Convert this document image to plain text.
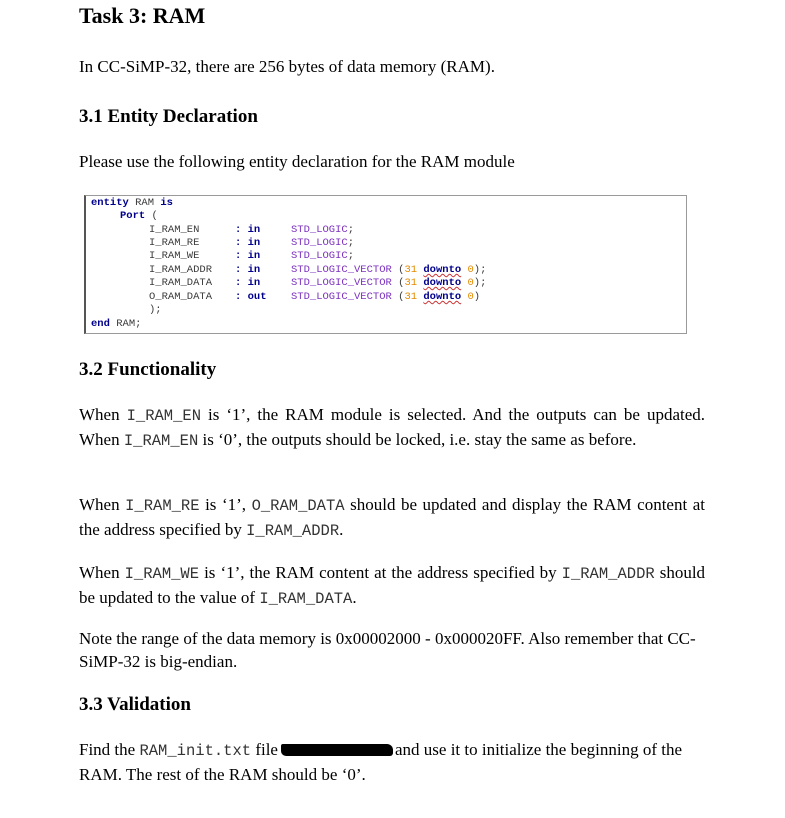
Task 3: RAM

In CC-SiMP-32, there are 256 bytes of data memory (RAM).

3.1 Entity Declaration

Please use the following entity declaration for the RAM module

entity RAM is
Port (
I_RAM_EN	: in	STD_LOGIC;
I_RAM_RE	: in	STD_LOGIC;
I_RAM_WE	: in	STD_LOGIC;
I_RAM_ADDR : in	STD_LOGIC_VECTOR (31 downto 0);
I_RAM_DATA : in	STD_LOGIC_VECTOR (31 downto 0);
O_RAM_DATA : out STD_LOGIC_VECTOR (31 downto 0)
);
end RAM;
3.2 Functionality

When I_RAM_EN is ‘1’, the RAM module is selected. And the outputs can be updated. When I_RAM_EN is ‘0’, the outputs should be locked, i.e. stay the same as before.

When I_RAM_RE is ‘1’, O_RAM_DATA should be updated and display the RAM content at the address specified by I_RAM_ADDR.

When I_RAM_WE is ‘1’, the RAM content at the address specified by I_RAM_ADDR should be updated to the value of I_RAM_DATA.

Note the range of the data memory is 0x00002000 - 0x000020FF. Also remember that CC-SiMP-32 is big-endian.

3.3 Validation

Find the RAM_init.txt file	and use it to initialize the beginning of the RAM. The rest of the RAM should be ‘0’.
